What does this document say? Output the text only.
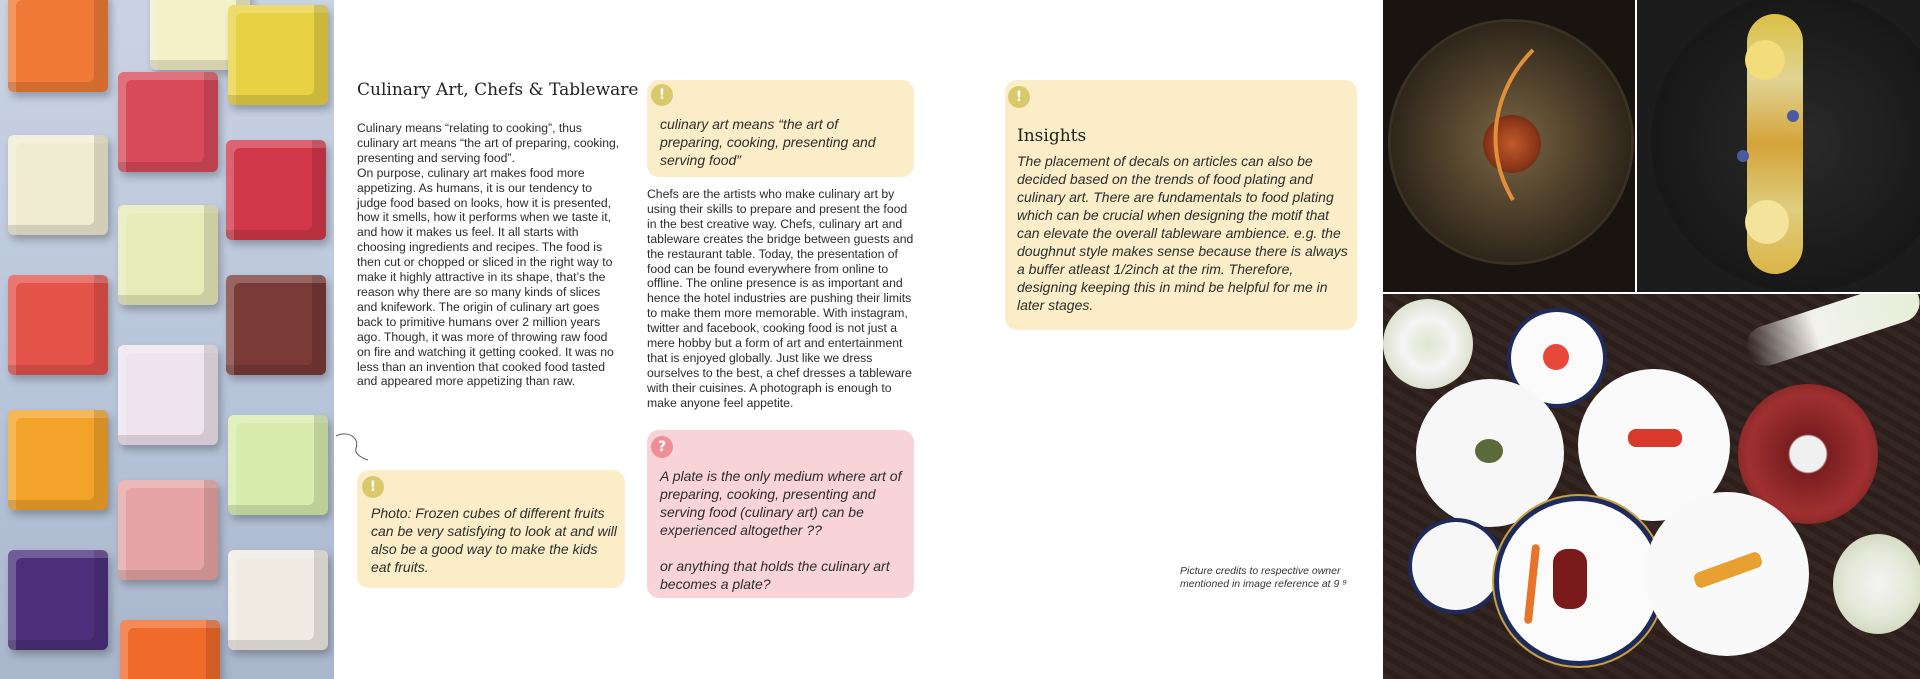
Culinary Art, Chefs & Tableware

Culinary means “relating to cooking”, thus culinary art means “the art of preparing, cooking, presenting and serving food”.

On purpose, culinary art makes food more appetizing. As humans, it is our tendency to judge food based on looks, how it is presented, how it smells, how it performs when we taste it, and how it makes us feel. It all starts with choosing ingredients and recipes. The food is then cut or chopped or sliced in the right way to make it highly attractive in its shape, that’s the reason why there are so many kinds of slices and knifework. The origin of culinary art goes back to primitive humans over 2 million years ago. Though, it was more of throwing raw food on fire and watching it getting cooked. It was no less than an invention that cooked food tasted and appeared more appetizing than raw.

!
Photo: Frozen cubes of different fruits can be very satisfying to look at and will also be a good way to make the kids eat fruits.
!
culinary art means “the art of preparing, cooking, presenting and serving food”
Chefs are the artists who make culinary art by using their skills to prepare and present the food in the best creative way. Chefs, culinary art and tableware creates the bridge between guests and the restaurant table. Today, the presentation of food can be found everywhere from online to offline. The online presence is as important and hence the hotel industries are pushing their limits to make them more memorable. With instagram, twitter and facebook, cooking food is not just a mere hobby but a form of art and entertainment that is enjoyed globally. Just like we dress ourselves to the best, a chef dresses a tableware with their cuisines. A photograph is enough to make anyone feel appetite.
?

A plate is the only medium where art of preparing, cooking, presenting and serving food (culinary art) can be experienced altogether ??

or anything that holds the culinary art becomes a plate?

!
Insights
The placement of decals on articles can also be decided based on the trends of food plating and culinary art. There are fundamentals to food plating which can be crucial when designing the motif that can elevate the overall tableware ambience. e.g. the doughnut style makes sense because there is always a buffer atleast 1/2inch at the rim. Therefore, designing keeping this in mind be helpful for me in later stages.
Picture credits to respective owner
mentioned in image reference at 9 ⁹
